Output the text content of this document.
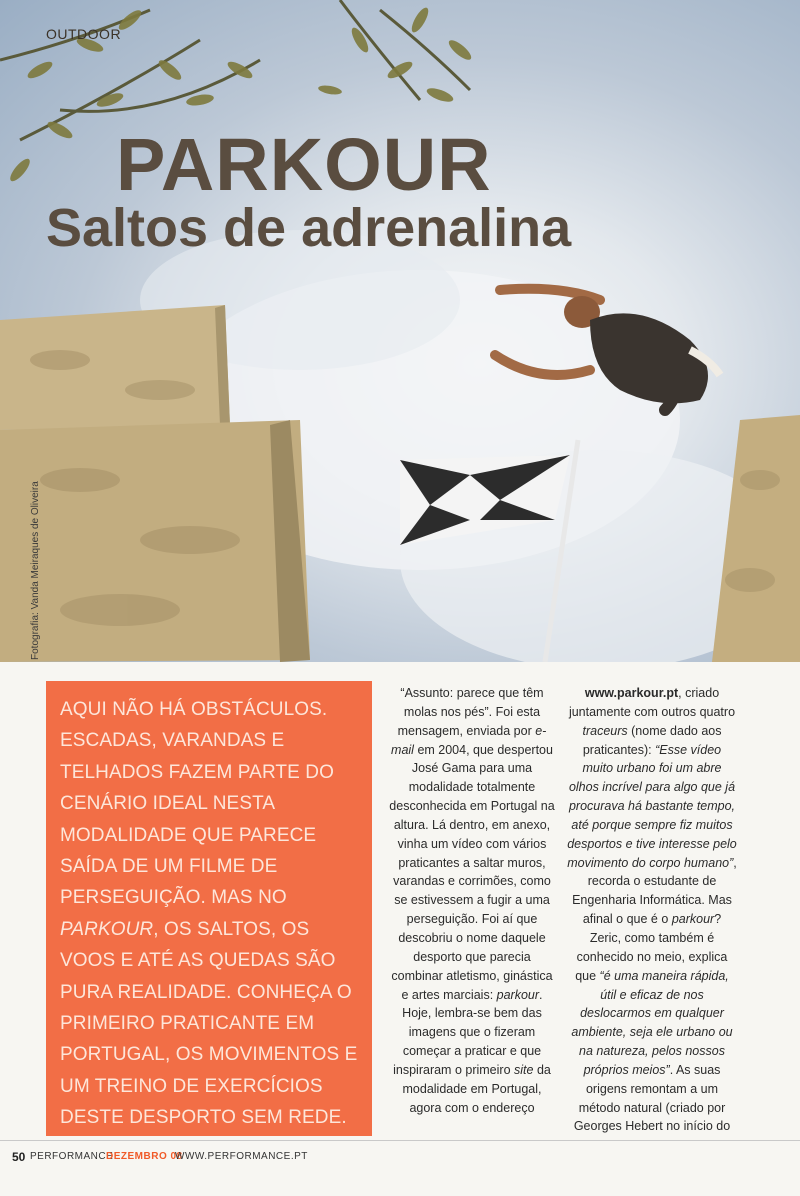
OUTDOOR
PARKOUR
Saltos de adrenalina
Fotografia: Vanda Meiraques de Oliveira

AQUI NÃO HÁ OBSTÁCULOS. ESCADAS, VARANDAS E TELHADOS FAZEM PARTE DO CENÁRIO IDEAL NESTA MODALIDADE QUE PARECE SAÍDA DE UM FILME DE PERSEGUIÇÃO. MAS NO PARKOUR, OS SALTOS, OS VOOS E ATÉ AS QUEDAS SÃO PURA REALIDADE. CONHEÇA O PRIMEIRO PRATICANTE EM PORTUGAL, OS MOVIMENTOS E UM TREINO DE EXERCÍCIOS DESTE DESPORTO SEM REDE.

“Assunto: parece que têm molas nos pés”. Foi esta mensagem, enviada por e-mail em 2004, que despertou José Gama para uma modalidade totalmente desconhecida em Portugal na altura. Lá dentro, em anexo, vinha um vídeo com vários praticantes a saltar muros, varandas e corrimões, como se estivessem a fugir a uma perseguição. Foi aí que descobriu o nome daquele desporto que parecia combinar atletismo, ginástica e artes marciais: parkour. Hoje, lembra-se bem das imagens que o fizeram começar a praticar e que inspiraram o primeiro site da modalidade em Portugal, agora com o endereço

www.parkour.pt, criado juntamente com outros quatro traceurs (nome dado aos praticantes): “Esse vídeo muito urbano foi um abre olhos incrível para algo que já procurava há bastante tempo, até porque sempre fiz muitos desportos e tive interesse pelo movimento do corpo humano”, recorda o estudante de Engenharia Informática. Mas afinal o que é o parkour? Zeric, como também é conhecido no meio, explica que “é uma maneira rápida, útil e eficaz de nos deslocarmos em qualquer ambiente, seja ele urbano ou na natureza, pelos nossos próprios meios”. As suas origens remontam a um método natural (criado por Georges Hebert no início do

50 PERFORMANCE
DEZEMBRO 08
WWW.PERFORMANCE.PT
